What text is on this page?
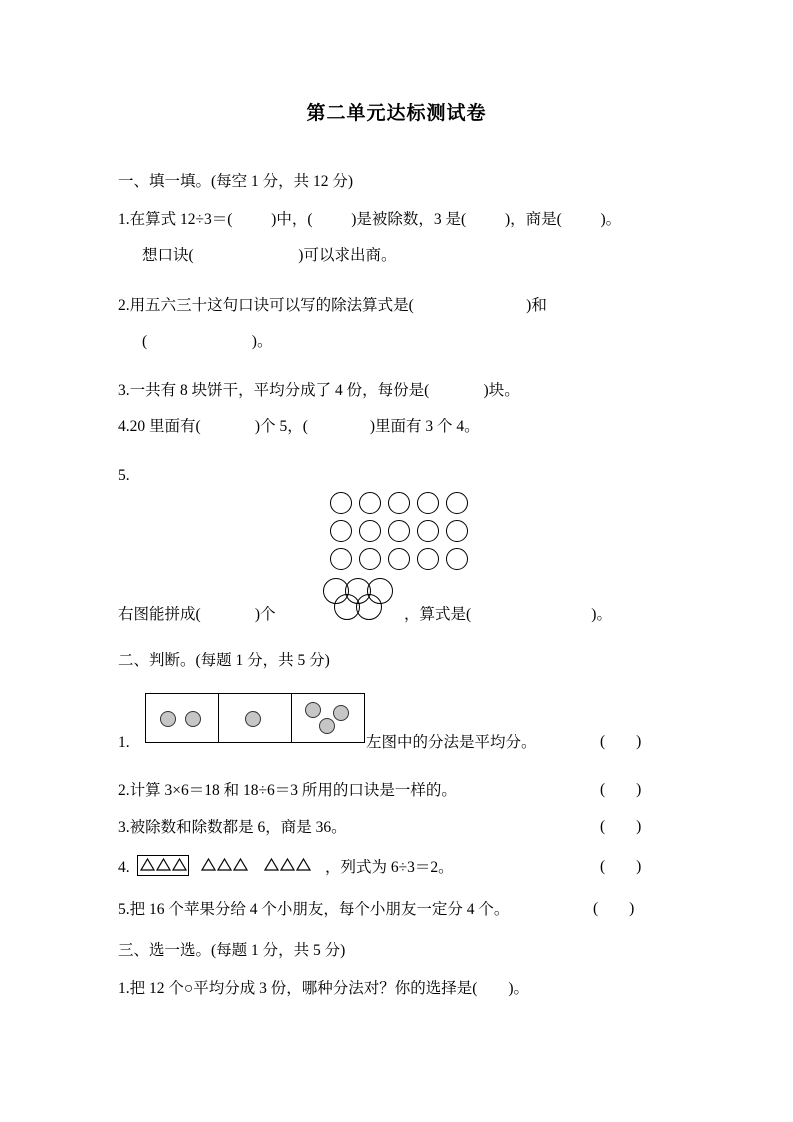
第二单元达标测试卷
一、填一填。(每空 1 分，共 12 分)
1.在算式 12÷3＝(          )中，(          )是被除数，3 是(          )，商是(          )。
想口诀(                           )可以求出商。
2.用五六三十这句口诀可以写的除法算式是(                             )和
(                           )。
3.一共有 8 块饼干，平均分成了 4 份，每份是(              )块。
4.20 里面有(              )个 5，(                )里面有 3 个 4。
5.
右图能拼成(              )个	，算式是(                               )。
二、判断。(每题 1 分，共 5 分)
1.	左图中的分法是平均分。	(        )
2.计算 3×6＝18 和 18÷6＝3 所用的口诀是一样的。	(        )
3.被除数和除数都是 6，商是 36。	(        )
4.	，列式为 6÷3＝2。	(        )
5.把 16 个苹果分给 4 个小朋友，每个小朋友一定分 4 个。	(        )
三、选一选。(每题 1 分，共 5 分)
1.把 12 个○平均分成 3 份，哪种分法对？你的选择是(        )。
